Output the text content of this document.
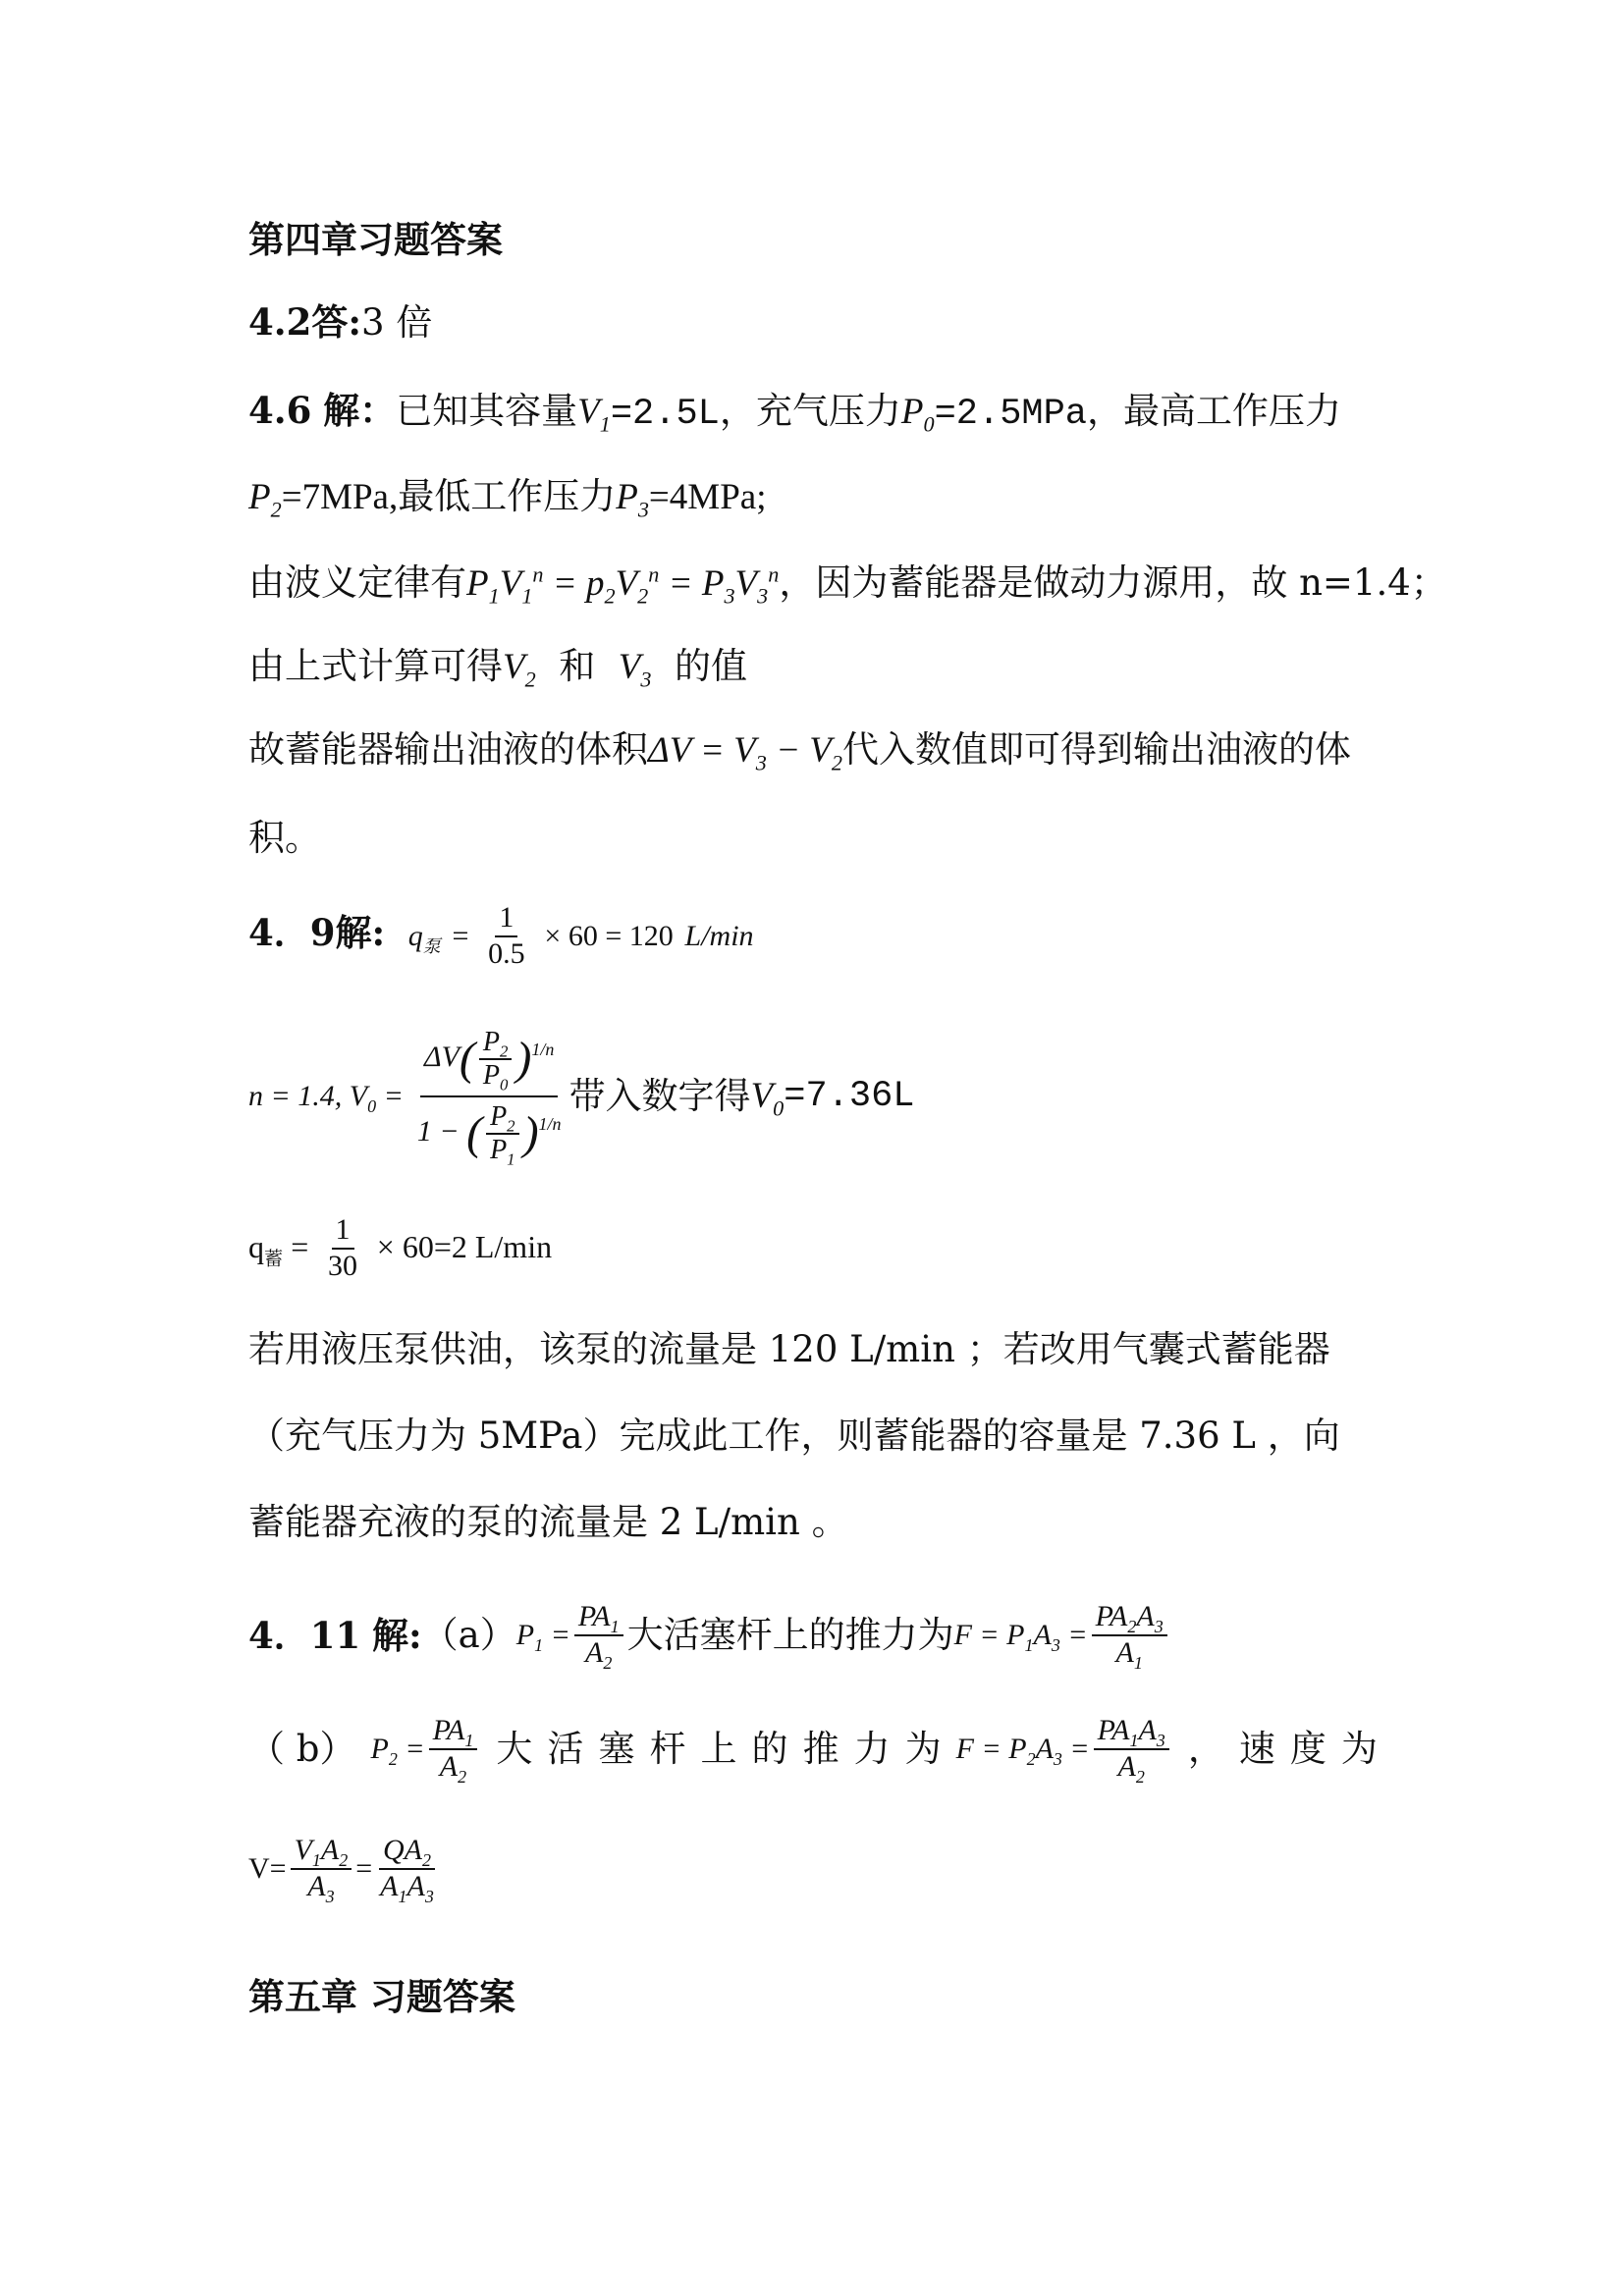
第四章习题答案
4.2答:3 倍
4.6 解：已知其容量$V_1=2.5L$，充气压力$P_0=2.5MPa$，最高工作压力
$P_2=7MPa$,最低工作压力$P_3=4MPa$;
由波义定律有$P_1V_1^n = p_2V_2^n = P_3V_3^n$，因为蓄能器是做动力源用，故 n=1.4；
由上式计算可得$V_2$ 和 $V_3$ 的值
故蓄能器输出油液的体积$\Delta V = V_3 - V_2$代入数值即可得到输出油液的体
积。
4．9解: $q_泵 = \frac{1}{0.5} \times 60 = 120$ L/min
n = 1.4, $V_0 = \frac{\Delta V( \frac{P_2}{P_0} )^{1/n}}{1 - ( \frac{P_2}{P_1} )^{1/n}}$ 带入数字得 $V_0 =7.36L$
$q_蓄 = \frac{1}{30} \times 60=2$ L/min
若用液压泵供油，该泵的流量是 120 L/min ；若改用气囊式蓄能器
（充气压力为 5MPa）完成此工作，则蓄能器的容量是 7.36 L ，向
蓄能器充液的泵的流量是 2 L/min 。
4．11
解: （a） $P_1 = \frac{PA_1}{A_2}$ 大活塞杆上的推力为 $F = P_1A_3 = \frac{PA_2A_3}{A_1}$
（ b） $P_2 = \frac{PA_1}{A_2}$ 大 活 塞 杆 上 的 推 力 为 $F = P_2A_3 = \frac{PA_1A_3}{A_2}$ ， 速 度 为
$V= \frac{V_1A_2}{A_3} = \frac{QA_2}{A_1A_3}$
第五章 习题答案
